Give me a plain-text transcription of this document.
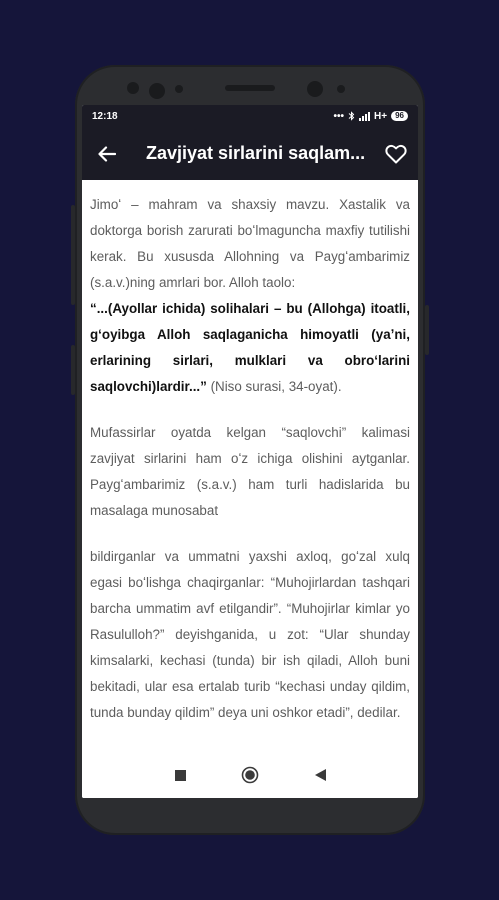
12:18	•••	H+	96
Zavjiyat sirlarini saqlam...

Jimoʻ – mahram va shaxsiy mavzu. Xastalik va doktorga borish zarurati boʻlmaguncha maxfiy tutilishi kerak. Bu xususda Allohning va Paygʻambarimiz (s.a.v.)ning amrlari bor. Alloh taolo:

“...(Ayollar ichida) solihalari – bu (Allohga) itoatli, gʻoyibga Alloh saqlaganicha himoyatli (yaʼni, erlarining sirlari, mulklari va obroʻlarini saqlovchi)lardir...” (Niso surasi, 34-oyat).

Mufassirlar oyatda kelgan “saqlovchi” kalimasi zavjiyat sirlarini ham oʻz ichiga olishini aytganlar. Paygʻambarimiz (s.a.v.) ham turli hadislarida bu masalaga munosabat

bildirganlar va ummatni yaxshi axloq, goʻzal xulq egasi boʻlishga chaqirganlar: “Muhojirlardan tashqari barcha ummatim avf etilgandir”. “Muhojirlar kimlar yo Rasululloh?” deyishganida, u zot: “Ular shunday kimsalarki, kechasi (tunda) bir ish qiladi, Alloh buni bekitadi, ular esa ertalab turib “kechasi unday qildim, tunda bunday qildim” deya uni oshkor etadi”, dedilar.
